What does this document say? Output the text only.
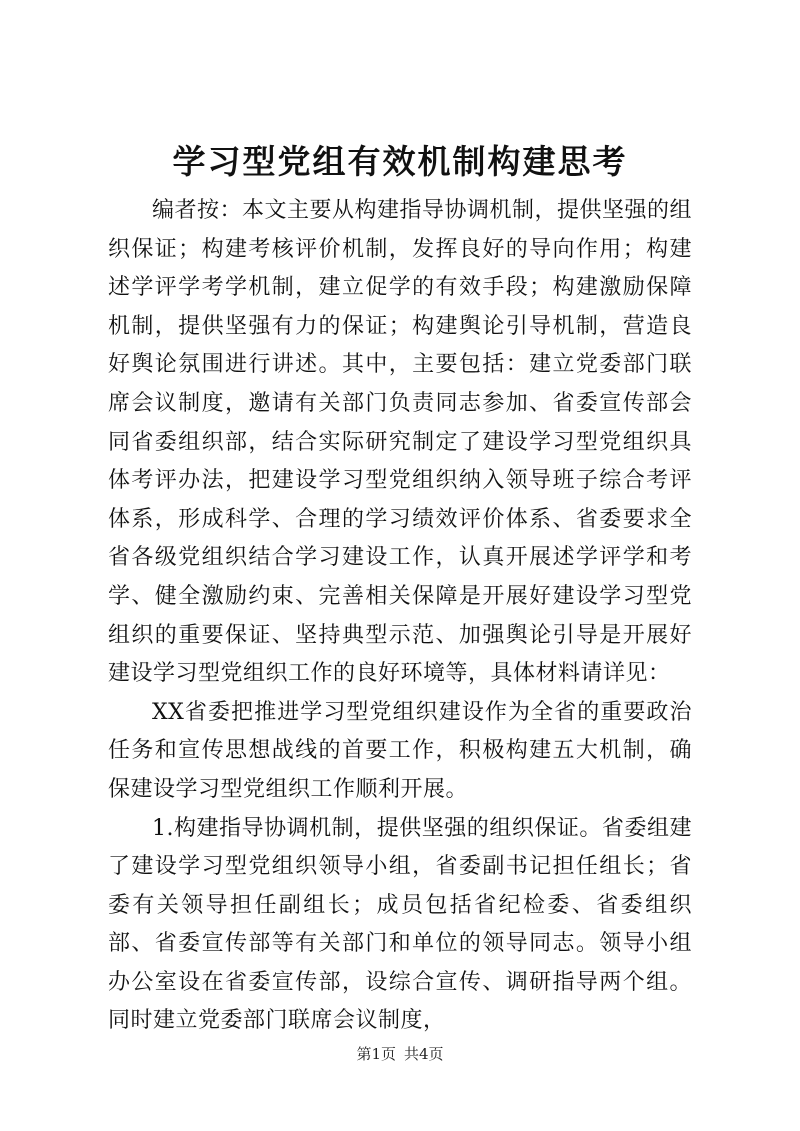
学习型党组有效机制构建思考

编者按：本文主要从构建指导协调机制，提供坚强的组织保证；构建考核评价机制，发挥良好的导向作用；构建述学评学考学机制，建立促学的有效手段；构建激励保障机制，提供坚强有力的保证；构建舆论引导机制，营造良好舆论氛围进行讲述。其中，主要包括：建立党委部门联席会议制度，邀请有关部门负责同志参加、省委宣传部会同省委组织部，结合实际研究制定了建设学习型党组织具体考评办法，把建设学习型党组织纳入领导班子综合考评体系，形成科学、合理的学习绩效评价体系、省委要求全省各级党组织结合学习建设工作，认真开展述学评学和考学、健全激励约束、完善相关保障是开展好建设学习型党组织的重要保证、坚持典型示范、加强舆论引导是开展好建设学习型党组织工作的良好环境等，具体材料请详见：

XX省委把推进学习型党组织建设作为全省的重要政治任务和宣传思想战线的首要工作，积极构建五大机制，确保建设学习型党组织工作顺利开展。

1.构建指导协调机制，提供坚强的组织保证。省委组建了建设学习型党组织领导小组，省委副书记担任组长；省委有关领导担任副组长；成员包括省纪检委、省委组织部、省委宣传部等有关部门和单位的领导同志。领导小组办公室设在省委宣传部，设综合宣传、调研指导两个组。同时建立党委部门联席会议制度，

第1页 共4页
